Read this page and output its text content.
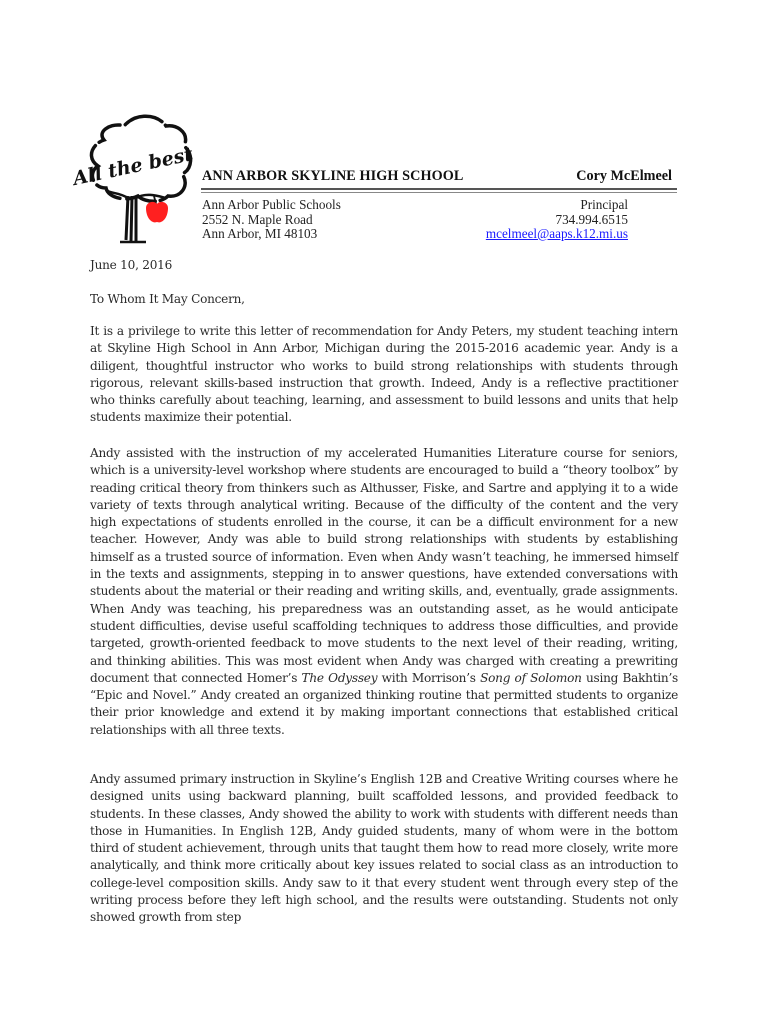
All the best ANN ARBOR SKYLINE HIGH SCHOOL	Cory McElmeel
Ann Arbor Public Schools
2552 N. Maple Road
Ann Arbor, MI 48103
Principal
734.994.6515
mcelmeel@aaps.k12.mi.us
June 10, 2016
To Whom It May Concern,

It is a privilege to write this letter of recommendation for Andy Peters, my student teaching intern at Skyline High School in Ann Arbor, Michigan during the 2015-2016 academic year. Andy is a diligent, thoughtful instructor who works to build strong relationships with students through rigorous, relevant skills-based instruction that growth. Indeed, Andy is a reflective practitioner who thinks carefully about teaching, learning, and assessment to build lessons and units that help students maximize their potential.

Andy assisted with the instruction of my accelerated Humanities Literature course for seniors, which is a university-level workshop where students are encouraged to build a “theory toolbox” by reading critical theory from thinkers such as Althusser, Fiske, and Sartre and applying it to a wide variety of texts through analytical writing. Because of the difficulty of the content and the very high expectations of students enrolled in the course, it can be a difficult environment for a new teacher. However, Andy was able to build strong relationships with students by establishing himself as a trusted source of information. Even when Andy wasn’t teaching, he immersed himself in the texts and assignments, stepping in to answer questions, have extended conversations with students about the material or their reading and writing skills, and, eventually, grade assignments. When Andy was teaching, his preparedness was an outstanding asset, as he would anticipate student difficulties, devise useful scaffolding techniques to address those difficulties, and provide targeted, growth-oriented feedback to move students to the next level of their reading, writing, and thinking abilities. This was most evident when Andy was charged with creating a prewriting document that connected Homer’s The Odyssey with Morrison’s Song of Solomon using Bakhtin’s “Epic and Novel.” Andy created an organized thinking routine that permitted students to organize their prior knowledge and extend it by making important connections that established critical relationships with all three texts.

Andy assumed primary instruction in Skyline’s English 12B and Creative Writing courses where he designed units using backward planning, built scaffolded lessons, and provided feedback to students. In these classes, Andy showed the ability to work with students with different needs than those in Humanities. In English 12B, Andy guided students, many of whom were in the bottom third of student achievement, through units that taught them how to read more closely, write more analytically, and think more critically about key issues related to social class as an introduction to college-level composition skills. Andy saw to it that every student went through every step of the writing process before they left high school, and the results were outstanding. Students not only showed growth from step
